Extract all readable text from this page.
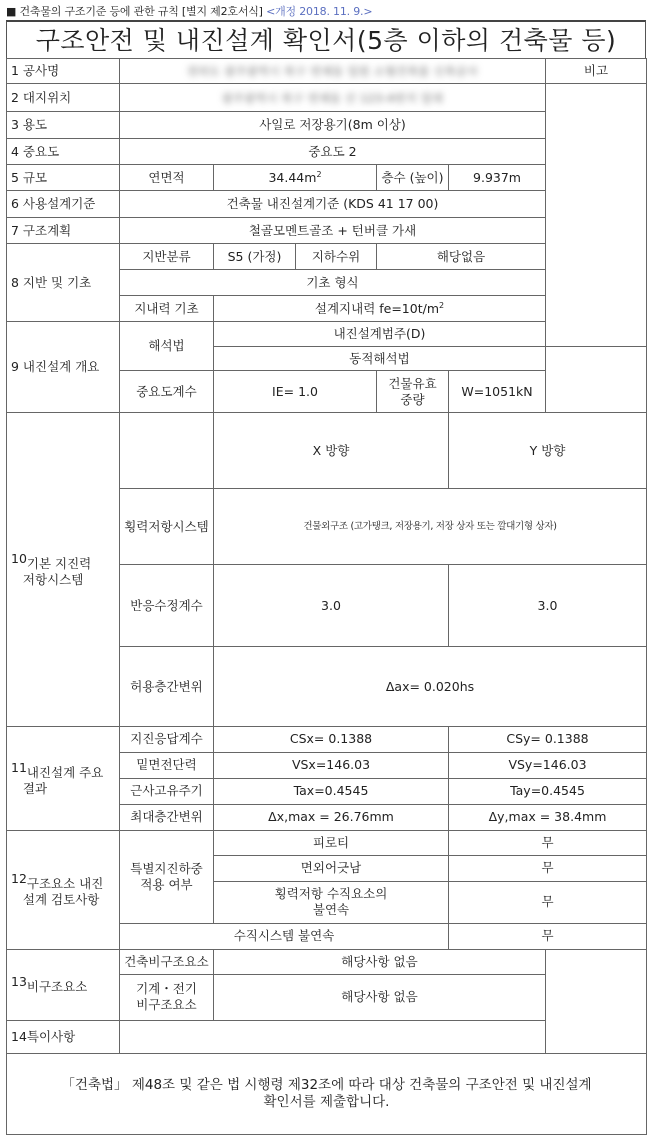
■ 건축물의 구조기준 등에 관한 규칙 [별지 제2호서식] <개정 2018. 11. 9.>
구조안전 및 내진설계 확인서(5층 이하의 건축물 등)
1 공사명	전라도 광주광역시 북구 연제동 일원 소형건축물 신축공사					비고	
2 대지위치	광주광역시 북구 연제동 산 123-4번지 일대						
3 용도	사일로 저장용기(8m 이상)						
4 중요도	중요도 2						
5 규모	연면적	$34.44m^2$		층수 (높이)	9.937m		
6 사용설계기준	건축물 내진설계기준 (KDS 41 17 00)						
7 구조계획	철골모멘트골조 + 턴버클 가새						
8 지반 및 기초	지반분류	S5 (가정)	지하수위	해당없음			
	기초 형식						
	지내력 기초	설계지내력 $fe=10t/m^2$
9 내진설계 개요	해석법	내진설계범주(D)					
		동적해석법					
	중요도계수	IE= 1.0		건물유효
중량	W=1051kN		
10기본 지진력
저항시스템		X 방향			Y 방향	

	횡력저항시스템	건물외구조 (고가탱크, 저장용기, 저장 상자 또는 깔대기형 상자)					
	반응수정계수	3.0			3.0		
	허용층간변위	Δax= 0.020hs					
11내진설계 주요
결과	지진응답계수	CSx= 0.1388			CSy= 0.1388		
	밑면전단력	VSx=146.03			VSy=146.03		
	근사고유주기	Tax=0.4545			Tay=0.4545		
	최대층간변위	Δx,max = 26.76mm			Δy,max = 38.4mm		
12구조요소 내진
설계 검토사항	특별지진하중
적용 여부	피로티			무		
		면외어긋남			무		
		횡력저항 수직요소의
불연속			무		
	수직시스템 불연속				무		
13비구조요소	건축비구조요소	해당사항 없음					
	기계・전기
비구조요소	해당사항 없음					
14특이사항							
「건축법」 제48조 및 같은 법 시행령 제32조에 따라 대상 건축물의 구조안전 및 내진설계
확인서를 제출합니다.							
